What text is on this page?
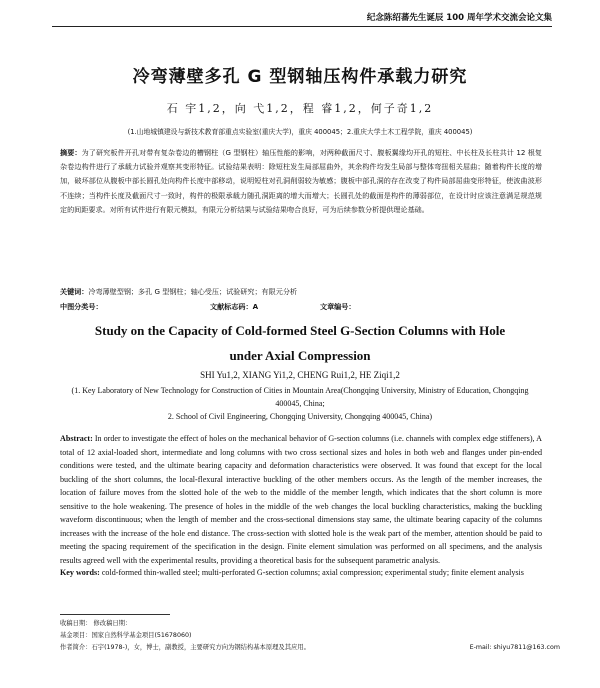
纪念陈绍蕃先生诞辰 100 周年学术交流会论文集
冷弯薄壁多孔 G 型钢轴压构件承载力研究
石 宇1,2，向 弋1,2，程 睿1,2，何子奇1,2
(1.山地城镇建设与新技术教育部重点实验室(重庆大学)，重庆 400045；2.重庆大学土木工程学院，重庆 400045)
摘要：为了研究板件开孔对带有复杂卷边的槽钢柱（G 型钢柱）轴压性能的影响，对两种截面尺寸、腹板翼缘均开孔的短柱、中长柱及长柱共计 12 根复杂卷边构件进行了承载力试验并观察其变形特征。试验结果表明：除短柱发生局部屈曲外，其余构件均发生局部与整体弯扭相关屈曲；随着构件长度的增加，破坏部位从腹板中部长圆孔处向构件长度中部移动，说明短柱对孔洞削弱较为敏感；腹板中部孔洞的存在改变了构件局部屈曲变形特征，使波曲波形不连续；当构件长度及截面尺寸一致时，构件的极限承载力随孔洞距离的增大而增大；长圆孔处的截面是构件的薄弱部位，在设计时应该注意满足规范规定的间距要求。对所有试件进行有限元模拟，有限元分析结果与试验结果吻合良好，可为后续参数分析提供理论基础。
关键词：冷弯薄壁型钢；多孔 G 型钢柱；轴心受压；试验研究；有限元分析
中图分类号：	文献标志码：A	文章编号：
Study on the Capacity of Cold-formed Steel G-Section Columns with Hole
under Axial Compression
SHI Yu1,2, XIANG Yi1,2, CHENG Rui1,2, HE Ziqi1,2
(1. Key Laboratory of New Technology for Construction of Cities in Mountain Area(Chongqing University, Ministry of Education, Chongqing 400045, China;
2. School of Civil Engineering, Chongqing University, Chongqing 400045, China)
Abstract: In order to investigate the effect of holes on the mechanical behavior of G-section columns (i.e. channels with complex edge stiffeners), A total of 12 axial-loaded short, intermediate and long columns with two cross sectional sizes and holes in both web and flanges under pin-ended conditions were tested, and the ultimate bearing capacity and deformation characteristics were observed. It was found that except for the local buckling of the short columns, the local-flexural interactive buckling of the other members occurs. As the length of the member increases, the location of failure moves from the slotted hole of the web to the middle of the member length, which indicates that the short column is more sensitive to the hole weakening. The presence of holes in the middle of the web changes the local buckling characteristics, making the buckling waveform discontinuous; when the length of member and the cross-sectional dimensions stay same, the ultimate bearing capacity of the columns increases with the increase of the hole end distance. The cross-section with slotted hole is the weak part of the member, attention should be paid to meeting the spacing requirement of the specification in the design. Finite element simulation was performed on all specimens, and the analysis results agreed well with the experimental results, providing a theoretical basis for the subsequent parametric analysis.
Key words: cold-formed thin-walled steel; multi-perforated G-section columns; axial compression; experimental study; finite element analysis
收稿日期： 修改稿日期：
基金项目：国家自然科学基金项目(51678060)
作者简介：石宇(1978-)，女，博士，副教授，主要研究方向为钢结构基本原理及其应用。	E-mail: shiyu7811@163.com
